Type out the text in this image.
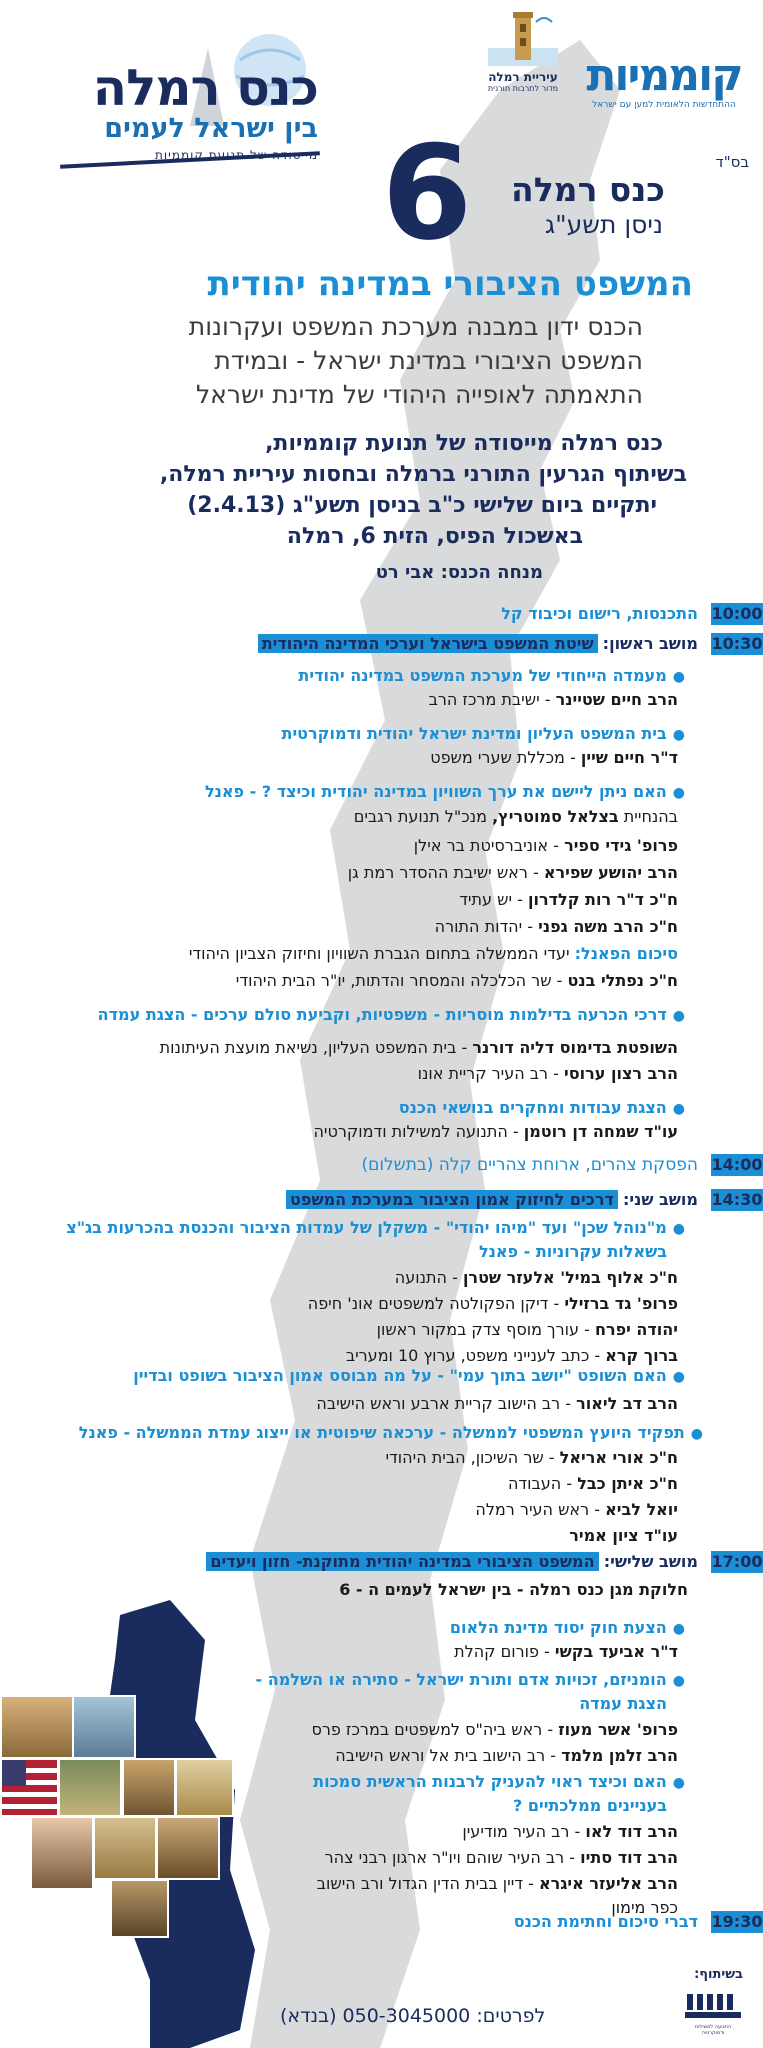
קוממיות
ההתחדשות הלאומית למען עם ישראל
עיריית רמלה
מדור לתרבות תורנית
כנס רמלה
בין ישראל לעמים
מייסודה של תנועת קוממיות	בס"ד
6 כנס רמלה
ניסן תשע"ג
המשפט הציבורי במדינה יהודית
הכנס ידון במבנה מערכת המשפט ועקרונות
המשפט הציבורי במדינת ישראל - ובמידת
התאמתה לאופייה היהודי של מדינת ישראל
כנס רמלה מייסודה של תנועת קוממיות,
בשיתוף הגרעין התורני ברמלה ובחסות עיריית רמלה,
יתקיים ביום שלישי כ"ב בניסן תשע"ג (2.4.13)
באשכול הפיס, הזית 6, רמלה
מנחה הכנס: אבי רט
10:00
התכנסות, רישום וכיבוד קל
10:30
מושב ראשון: שיטת המשפט בישראל וערכי המדינה היהודית
●מעמדה הייחודי של מערכת המשפט במדינה יהודית
הרב חיים שטיינר - ישיבת מרכז הרב
●בית המשפט העליון ומדינת ישראל יהודית ודמוקרטית
ד"ר חיים שיין - מכללת שערי משפט
●האם ניתן ליישם את ערך השוויון במדינה יהודית וכיצד ? - פאנל
בהנחיית בצלאל סמוטריץ, מנכ"ל תנועת רגבים
פרופ' גידי ספיר - אוניברסיטת בר אילן
הרב יהושע שפירא - ראש ישיבת ההסדר רמת גן
ח"כ ד"ר רות קלדרון - יש עתיד
ח"כ הרב משה גפני - יהדות התורה
סיכום הפאנל: יעדי הממשלה בתחום הגברת השוויון וחיזוק הצביון היהודי
ח"כ נפתלי בנט - שר הכלכלה והמסחר והדתות, יו"ר הבית היהודי
●דרכי הכרעה בדילמות מוסריות - משפטיות, וקביעת סולם ערכים - הצגת עמדה
השופטת בדימוס דליה דורנר - בית המשפט העליון, נשיאת מועצת העיתונות
הרב רצון ערוסי - רב העיר קריית אונו
●הצגת עבודות ומחקרים בנושאי הכנס
עו"ד שמחה דן רוטמן - התנועה למשילות ודמוקרטיה
14:00
הפסקת צהרים, ארוחת צהריים קלה (בתשלום)
14:30
מושב שני: דרכים לחיזוק אמון הציבור במערכת המשפט
●מ"נוהל שכן" ועד "מיהו יהודי" - משקלן של עמדות הציבור והכנסת בהכרעות בג"צ
בשאלות עקרוניות - פאנל
ח"כ אלוף במיל' אלעזר שטרן - התנועה
פרופ' גד ברזילי - דיקן הפקולטה למשפטים אונ' חיפה
יהודה יפרח - עורך מוסף צדק במקור ראשון
ברוך קרא - כתב לענייני משפט, ערוץ 10 ומעריב
●האם השופט "יושב בתוך עמי" - על מה מבוסס אמון הציבור בשופט ובדיין
הרב דב ליאור - רב הישוב קריית ארבע וראש הישיבה
●תפקיד היועץ המשפטי לממשלה - ערכאה שיפוטית או ייצוג עמדת הממשלה - פאנל
ח"כ אורי אריאל - שר השיכון, הבית היהודי
ח"כ איתן כבל - העבודה
יואל לביא - ראש העיר רמלה
עו"ד ציון אמיר
17:00
מושב שלישי: המשפט הציבורי במדינה יהודית מתוקנת- חזון ויעדים
חלוקת מגן כנס רמלה - בין ישראל לעמים ה - 6
●הצעת חוק יסוד מדינת הלאום
ד"ר אביעד בקשי - פורום קהלת
●הומניזם, זכויות אדם ותורת ישראל - סתירה או השלמה -
הצגת עמדה
פרופ' אשר מעוז - ראש ביה"ס למשפטים במרכז פרס
הרב זלמן מלמד - רב הישוב בית אל וראש הישיבה
●האם וכיצד ראוי להעניק לרבנות הראשית סמכות
בעניינים ממלכתיים ?
הרב דוד לאו - רב העיר מודיעין
הרב דוד סתיו - רב העיר שוהם ויו"ר ארגון רבני צהר
הרב אליעזר איגרא - דיין בבית הדין הגדול ורב הישוב
כפר מימון
19:30
דברי סיכום וחתימת הכנס
בשיתוף:
התנועה למשילות ודמוקרטיה
לפרטים: 050-3045000 (בנדא)
